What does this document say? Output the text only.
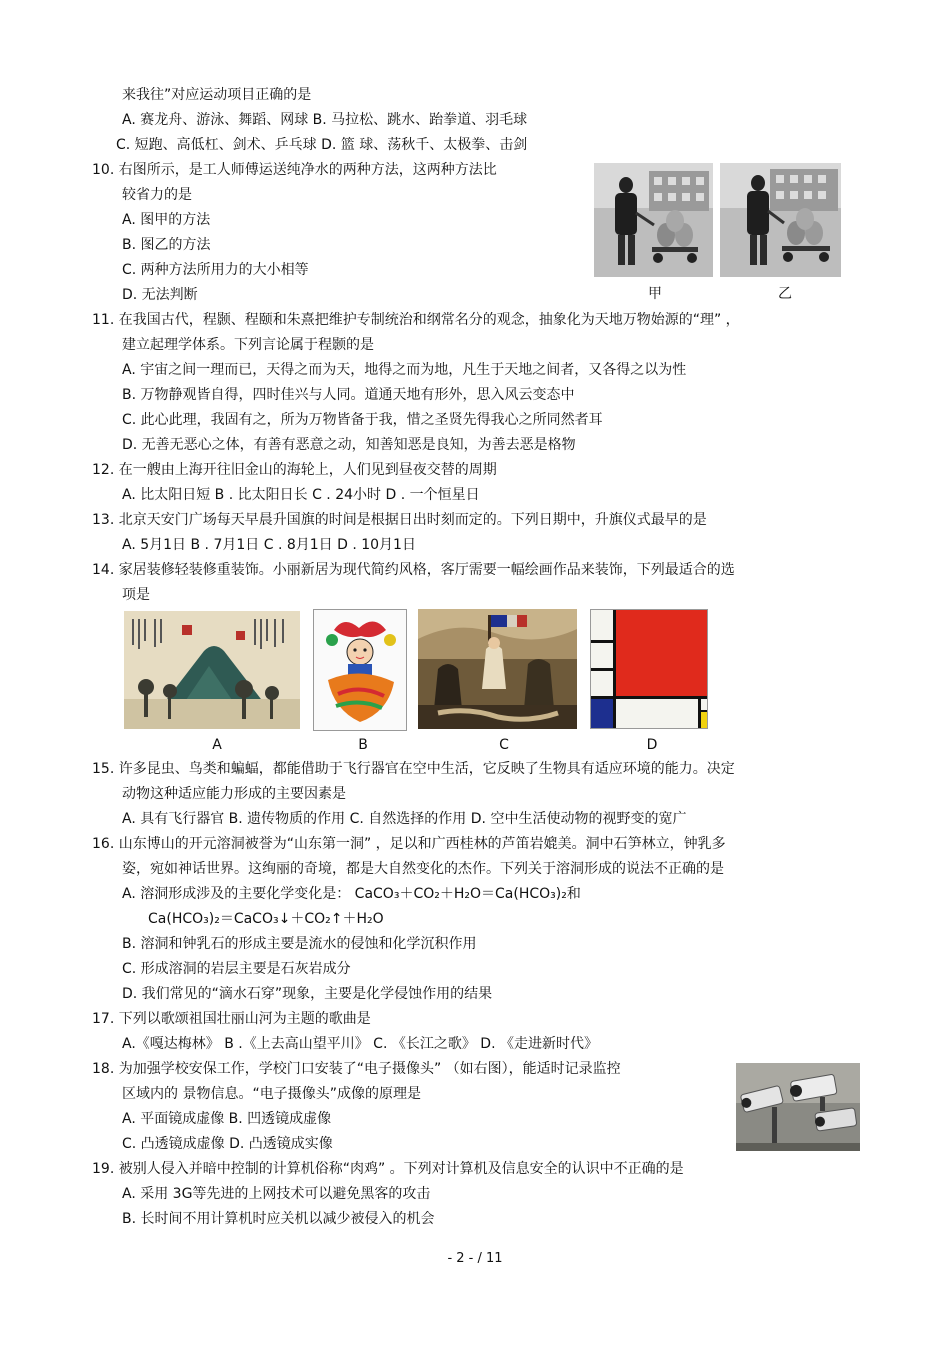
来我往”对应运动项目正确的是
A. 赛龙舟、游泳、舞蹈、网球 B. 马拉松、跳水、跆拳道、羽毛球
C. 短跑、高低杠、剑术、乒乓球 D. 篮 球、荡秋千、太极拳、击剑
10. 右图所示，是工人师傅运送纯净水的两种方法，这两种方法比
较省力的是
A. 图甲的方法
B. 图乙的方法
C. 两种方法所用力的大小相等
D. 无法判断
11. 在我国古代，程颢、程颐和朱熹把维护专制统治和纲常名分的观念，抽象化为天地万物始源的“理” ，
建立起理学体系。下列言论属于程颢的是
A. 宇宙之间一理而已，天得之而为天，地得之而为地，凡生于天地之间者，又各得之以为性
B. 万物静观皆自得，四时佳兴与人同。道通天地有形外，思入风云变态中
C. 此心此理，我固有之，所为万物皆备于我，惜之圣贤先得我心之所同然者耳
D. 无善无恶心之体，有善有恶意之动，知善知恶是良知，为善去恶是格物
12. 在一艘由上海开往旧金山的海轮上，人们见到昼夜交替的周期
A. 比太阳日短 B . 比太阳日长 C . 24小时 D . 一个恒星日
13. 北京天安门广场每天早晨升国旗的时间是根据日出时刻而定的。下列日期中，升旗仪式最早的是
A. 5月1日 B . 7月1日 C . 8月1日 D . 10月1日
14. 家居装修轻装修重装饰。小丽新居为现代简约风格，客厅需要一幅绘画作品来装饰，下列最适合的选
项是
15. 许多昆虫、鸟类和蝙蝠，都能借助于飞行器官在空中生活，它反映了生物具有适应环境的能力。决定
动物这种适应能力形成的主要因素是
A. 具有飞行器官 B. 遗传物质的作用 C. 自然选择的作用 D. 空中生活使动物的视野变的宽广
16. 山东博山的开元溶洞被誉为“山东第一洞” ，足以和广西桂林的芦笛岩媲美。洞中石笋林立，钟乳多
姿，宛如神话世界。这绚丽的奇境，都是大自然变化的杰作。下列关于溶洞形成的说法不正确的是
A. 溶洞形成涉及的主要化学变化是： CaCO₃＋CO₂＋H₂O＝Ca(HCO₃)₂和
Ca(HCO₃)₂＝CaCO₃↓＋CO₂↑＋H₂O
B. 溶洞和钟乳石的形成主要是流水的侵蚀和化学沉积作用
C. 形成溶洞的岩层主要是石灰岩成分
D. 我们常见的“滴水石穿”现象，主要是化学侵蚀作用的结果
17. 下列以歌颂祖国壮丽山河为主题的歌曲是
A.《嘎达梅林》 B .《上去高山望平川》 C. 《长江之歌》 D. 《走进新时代》
18. 为加强学校安保工作，学校门口安装了“电子摄像头” （如右图），能适时记录监控
区域内的 景物信息。“电子摄像头”成像的原理是
A. 平面镜成虚像 B. 凹透镜成虚像
C. 凸透镜成虚像 D. 凸透镜成实像
19. 被别人侵入并暗中控制的计算机俗称“肉鸡” 。下列对计算机及信息安全的认识中不正确的是
A. 采用 3G等先进的上网技术可以避免黑客的攻击
B. 长时间不用计算机时应关机以减少被侵入的机会
甲	乙
A	B	C	D
- 2 - / 11
